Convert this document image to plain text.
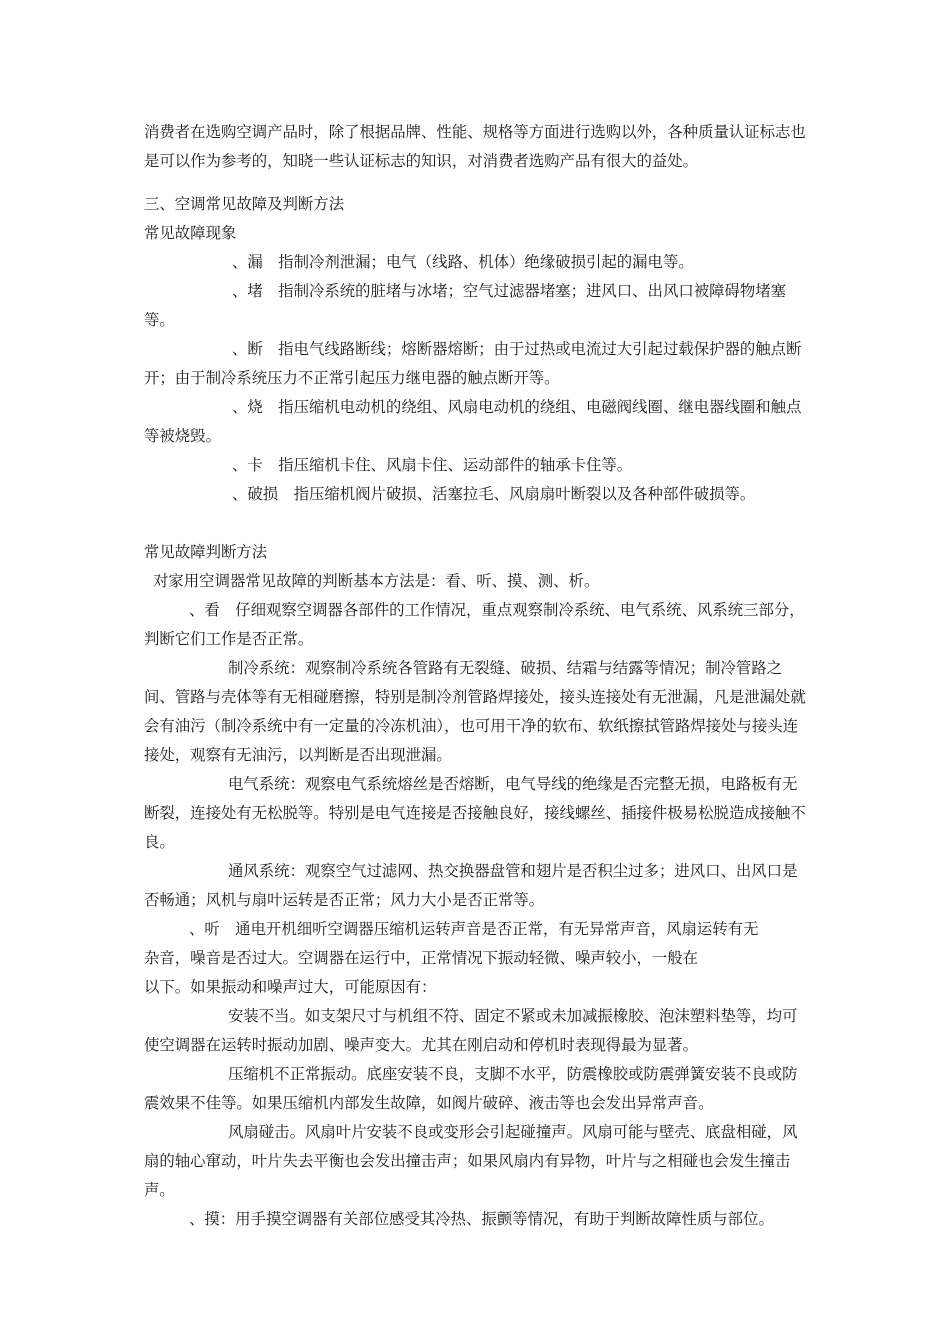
消费者在选购空调产品时，除了根据品牌、性能、规格等方面进行选购以外，各种质量认证标志也是可以作为参考的，知晓一些认证标志的知识，对消费者选购产品有很大的益处。

三、空调常见故障及判断方法

常见故障现象

、漏　指制冷剂泄漏；电气（线路、机体）绝缘破损引起的漏电等。

、堵　指制冷系统的脏堵与冰堵；空气过滤器堵塞；进风口、出风口被障碍物堵塞等。

、断　指电气线路断线；熔断器熔断；由于过热或电流过大引起过载保护器的触点断开；由于制冷系统压力不正常引起压力继电器的触点断开等。

、烧　指压缩机电动机的绕组、风扇电动机的绕组、电磁阀线圈、继电器线圈和触点等被烧毁。

、卡　指压缩机卡住、风扇卡住、运动部件的轴承卡住等。

、破损　指压缩机阀片破损、活塞拉毛、风扇扇叶断裂以及各种部件破损等。

常见故障判断方法

对家用空调器常见故障的判断基本方法是：看、听、摸、测、析。

、看　仔细观察空调器各部件的工作情况，重点观察制冷系统、电气系统、风系统三部分，判断它们工作是否正常。

制冷系统：观察制冷系统各管路有无裂缝、破损、结霜与结露等情况；制冷管路之间、管路与壳体等有无相碰磨擦，特别是制冷剂管路焊接处，接头连接处有无泄漏，凡是泄漏处就会有油污（制冷系统中有一定量的冷冻机油），也可用干净的软布、软纸擦拭管路焊接处与接头连接处，观察有无油污，以判断是否出现泄漏。

电气系统：观察电气系统熔丝是否熔断，电气导线的绝缘是否完整无损，电路板有无断裂，连接处有无松脱等。特别是电气连接是否接触良好，接线螺丝、插接件极易松脱造成接触不良。

通风系统：观察空气过滤网、热交换器盘管和翅片是否积尘过多；进风口、出风口是否畅通；风机与扇叶运转是否正常；风力大小是否正常等。

、听　通电开机细听空调器压缩机运转声音是否正常，有无异常声音，风扇运转有无

杂音，噪音是否过大。空调器在运行中，正常情况下振动轻微、噪声较小，一般在

以下。如果振动和噪声过大，可能原因有：

安装不当。如支架尺寸与机组不符、固定不紧或未加减振橡胶、泡沫塑料垫等，均可使空调器在运转时振动加剧、噪声变大。尤其在刚启动和停机时表现得最为显著。

压缩机不正常振动。底座安装不良，支脚不水平，防震橡胶或防震弹簧安装不良或防震效果不佳等。如果压缩机内部发生故障，如阀片破碎、液击等也会发出异常声音。

风扇碰击。风扇叶片安装不良或变形会引起碰撞声。风扇可能与壁壳、底盘相碰，风扇的轴心窜动，叶片失去平衡也会发出撞击声；如果风扇内有异物，叶片与之相碰也会发生撞击声。

、摸：用手摸空调器有关部位感受其冷热、振颤等情况，有助于判断故障性质与部位。
